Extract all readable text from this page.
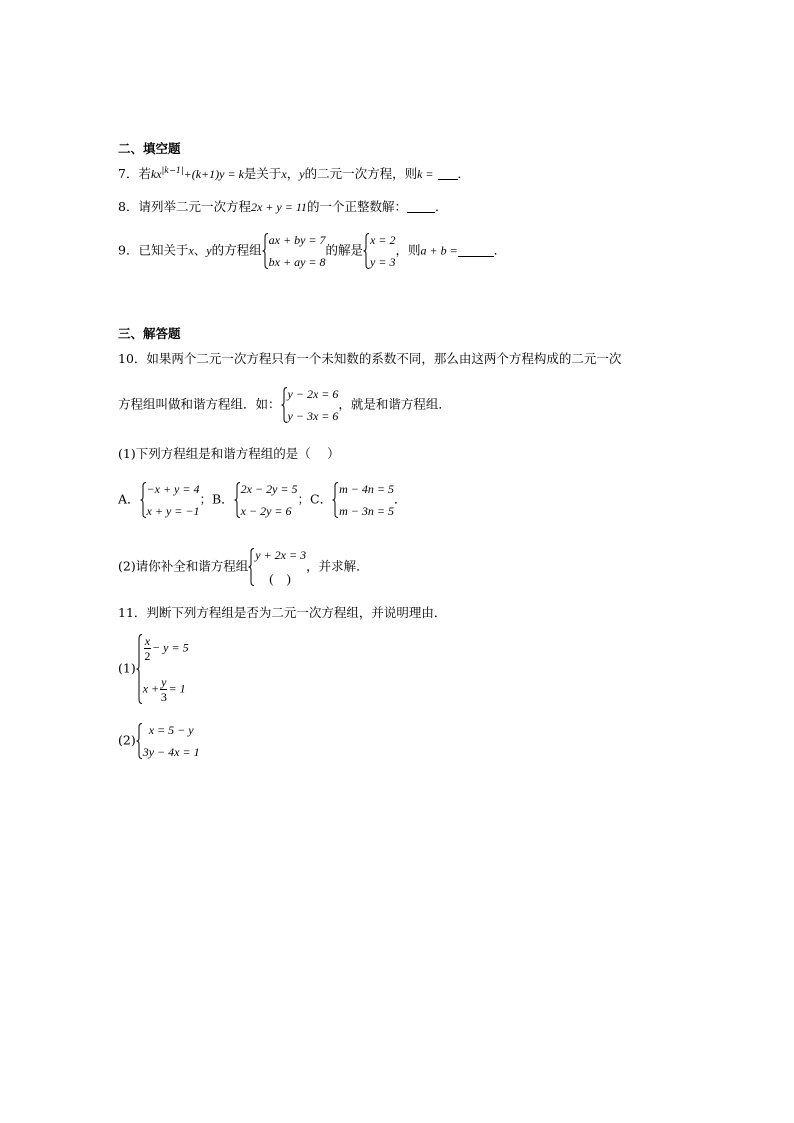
二、填空题
7．若$kx^{|k-1|}+(k+1)y = k$是关于x，y的二元一次方程，则k = ．
8．请列举二元一次方程2x + y = 11的一个正整数解： ．
9．已知关于x、y的方程组
ax + by = 7
bx + ay = 8
的解是
x = 2
y = 3
，则a + b =	．
三、解答题
10．如果两个二元一次方程只有一个未知数的系数不同，那么由这两个方程构成的二元一次
方程组叫做和谐方程组．如：
y − 2x = 6
y − 3x = 6
，就是和谐方程组．
(1)下列方程组是和谐方程组的是（　 ）
A．
−x + y = 4
x + y = −1
；B．
2x − 2y = 5
x − 2y = 6
；C．
m − 4n = 5
m − 3n = 5
．
(2)请你补全和谐方程组
y + 2x = 3
(　)
，并求解．
11．判断下列方程组是否为二元一次方程组，并说明理由．
(1)
$\frac{x}{2} - y = 5$
$x + \frac{y}{3} = 1$
(2)
x = 5 − y
3y − 4x = 1
